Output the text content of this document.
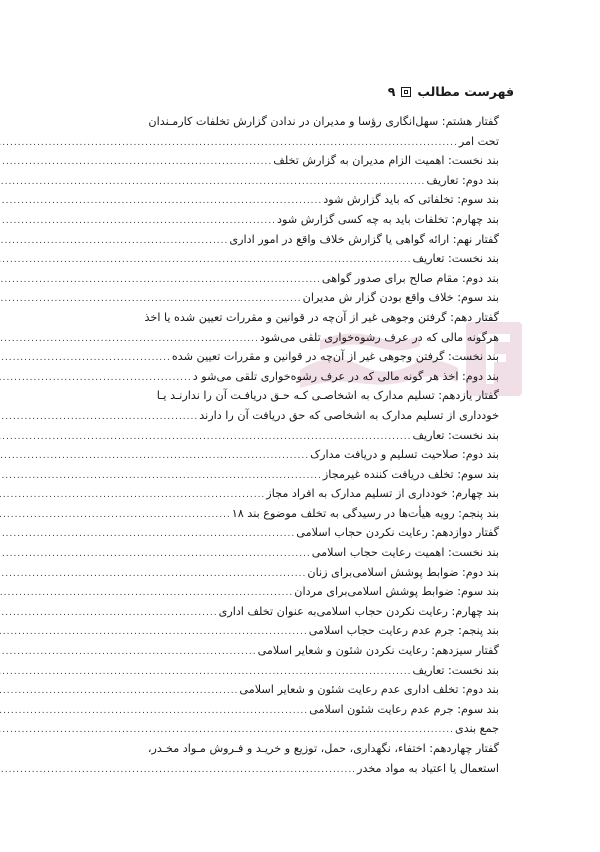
فهرست مطالب
۹
گفتار هشتم: سهل‌انگاری رؤسا و مدیران در ندادن گزارش تخلفات کارمـندان
تحت امر
.....
بند نخست: اهمیت الزام مدیران به گزارش تخلف
.....
بند دوم: تعاریف
.....
بند سوم: تخلفاتی که باید گزارش شود
.....
بند چهارم: تخلفات باید به چه کسی گزارش شود
.....
گفتار نهم: ارائه گواهی یا گزارش خلاف واقع در امور اداری
.....
بند نخست: تعاریف
.....
بند دوم: مقام صالح برای صدور گواهی
.....
بند سوم: خلاف واقع بودن گزار ش مدیران
.....
گفتار دهم: گرفتن وجوهی غیر از آن‌چه در قوانین و مقررات تعیین شده یا اخذ
هرگونه مالی که در عرف رشوه‌خواری تلقی می‌شود
.....
بند نخست: گرفتن وجوهی غیر از آن‌چه در قوانین و مقررات تعیین شده
.....
بند دوم: اخذ هر گونه مالی که در عرف رشوه‌خواری تلقی می‌شو د
.....
گفتار یازدهم: تسلیم مدارک به اشخاصـی کـه حـق دریافـت آن را ندارنـد یـا
خودداری از تسلیم مدارک به اشخاصی که حق دریافت آن را دارند
.....
بند نخست: تعاریف
.....
بند دوم: صلاحیت تسلیم و دریافت مدارک
.....
بند سوم: تخلف دریافت کننده غیرمجاز
.....
بند چهارم: خودداری از تسلیم مدارک به افراد مجاز
.....
بند پنجم: رویه هیأت‌ها در رسیدگی به تخلف موضوع بند ۱۸
.....
گفتار دوازدهم: رعایت نکردن حجاب اسلامی
.....
بند نخست: اهمیت رعایت حجاب اسلامی
.....
بند دوم: ضوابط پوشش اسلامی‌برای زنان
.....
بند سوم: ضوابط پوشش اسلامی‌برای مردان
.....
بند چهارم: رعایت نکردن حجاب اسلامی‌به عنوان تخلف اداری
.....
بند پنجم: جرم عدم رعایت حجاب اسلامی
.....
گفتار سیزدهم: رعایت نکردن شئون و شعایر اسلامی
.....
بند نخست: تعاریف
.....
بند دوم: تخلف اداری عدم رعایت شئون و شعایر اسلامی
.....
بند سوم: جرم عدم رعایت شئون اسلامی
.....
جمع بندی
.....
گفتار چهاردهم: اختفاء، نگهداری، حمل، توزیع و خریـد و فـروش مـواد مخـدر،
استعمال یا اعتیاد به مواد مخدر
.....
